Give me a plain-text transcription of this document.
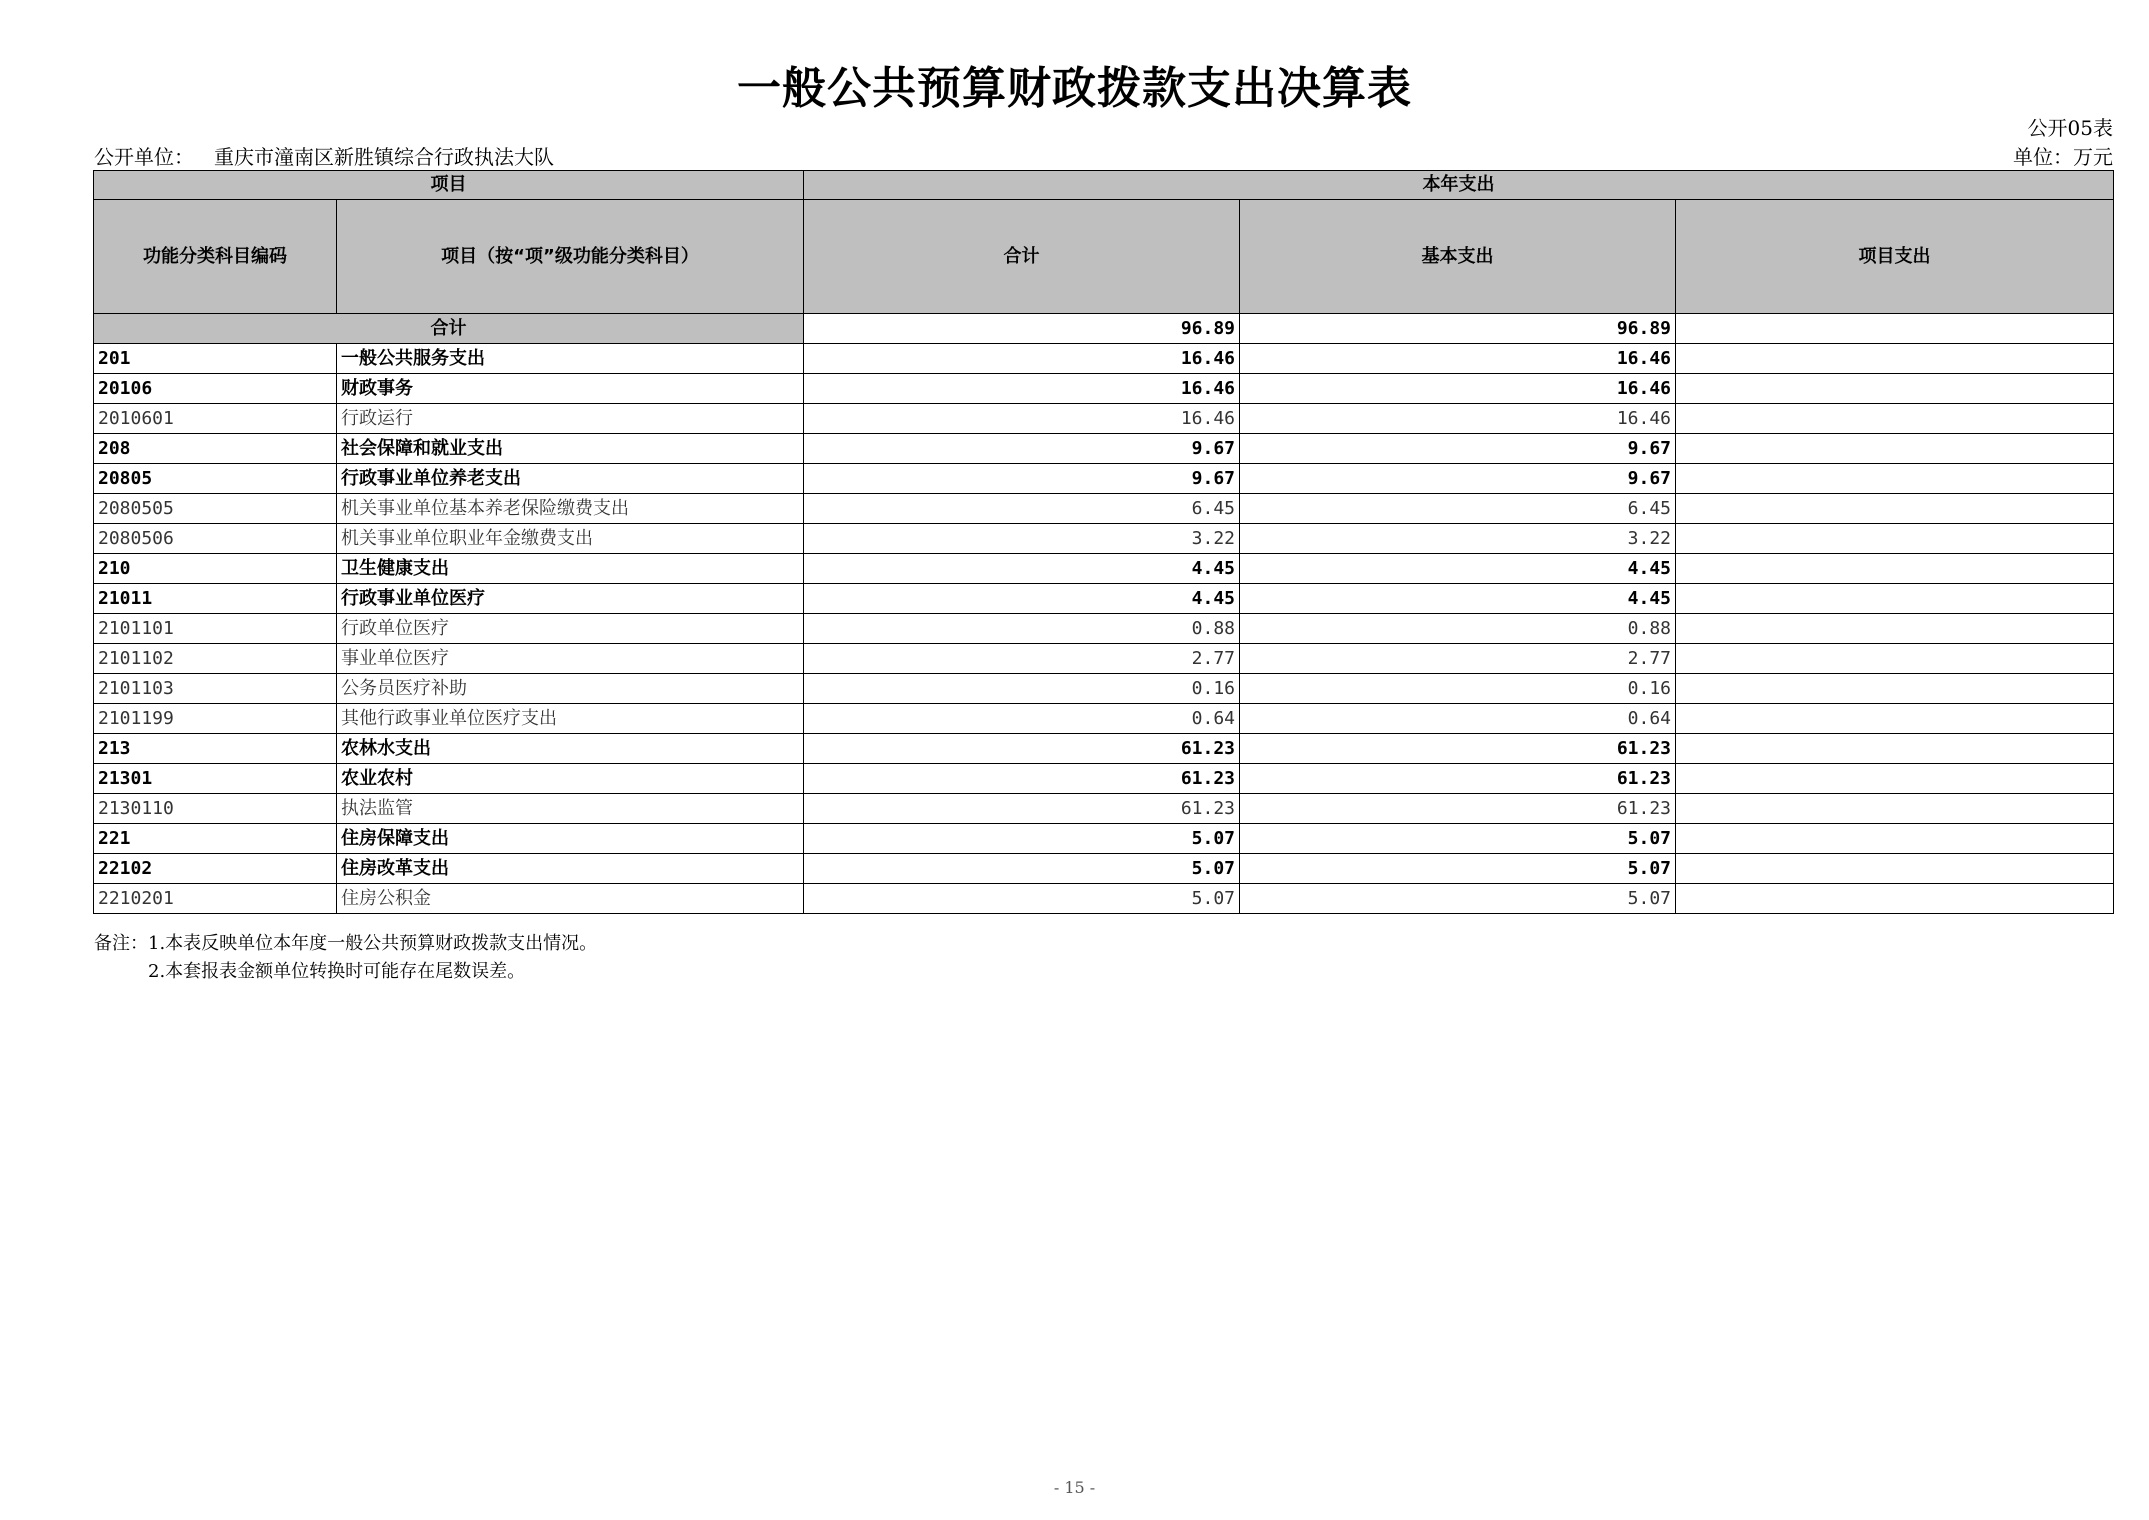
一般公共预算财政拨款支出决算表
公开05表
公开单位： 重庆市潼南区新胜镇综合行政执法大队	单位：万元
项目		本年支出		
功能分类科目编码	项目（按“项”级功能分类科目）	合计	基本支出	项目支出
合计		96.89	96.89	
201	一般公共服务支出	16.46	16.46	
20106	财政事务	16.46	16.46	
2010601	行政运行	16.46	16.46	
208	社会保障和就业支出	9.67	9.67	
20805	行政事业单位养老支出	9.67	9.67	
2080505	机关事业单位基本养老保险缴费支出	6.45	6.45	
2080506	机关事业单位职业年金缴费支出	3.22	3.22	
210	卫生健康支出	4.45	4.45	
21011	行政事业单位医疗	4.45	4.45	
2101101	行政单位医疗	0.88	0.88	
2101102	事业单位医疗	2.77	2.77	
2101103	公务员医疗补助	0.16	0.16	
2101199	其他行政事业单位医疗支出	0.64	0.64	
213	农林水支出	61.23	61.23	
21301	农业农村	61.23	61.23	
2130110	执法监管	61.23	61.23	
221	住房保障支出	5.07	5.07	
22102	住房改革支出	5.07	5.07	
2210201	住房公积金	5.07	5.07	
备注：1.本表反映单位本年度一般公共预算财政拨款支出情况。
2.本套报表金额单位转换时可能存在尾数误差。
- 15 -
